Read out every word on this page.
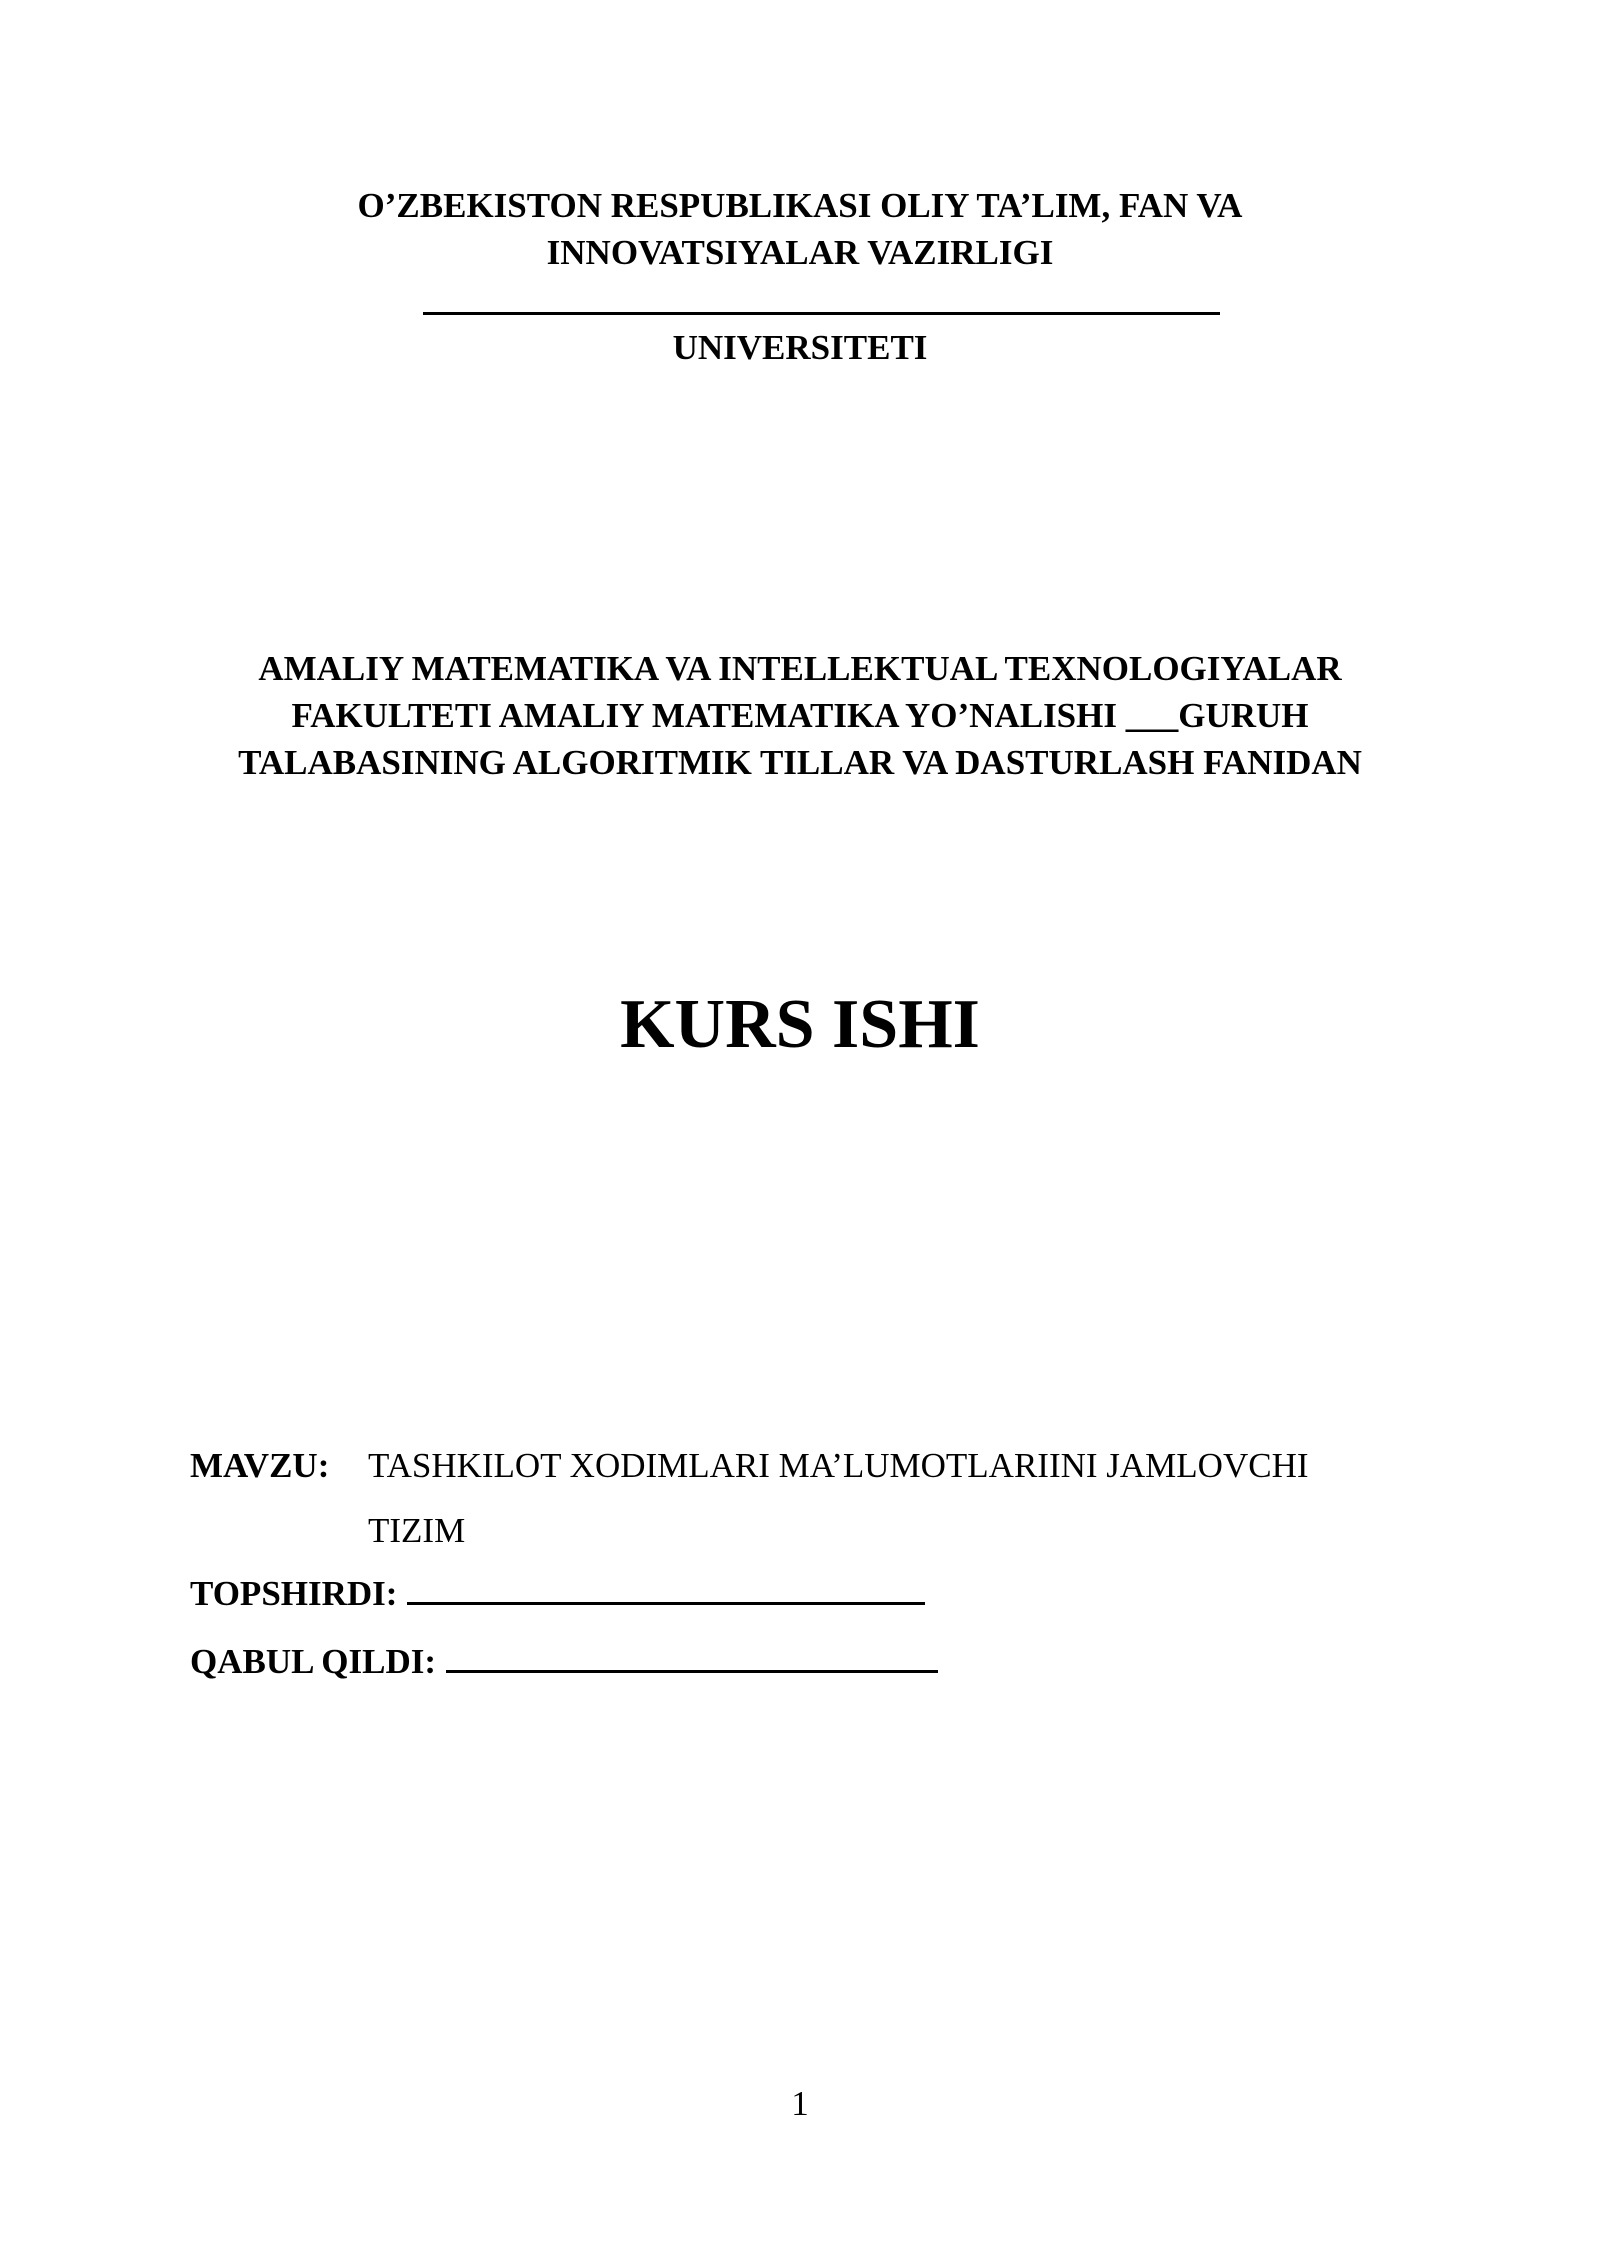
O’ZBEKISTON RESPUBLIKASI OLIY TA’LIM, FAN VA
INNOVATSIYALAR VAZIRLIGI
UNIVERSITETI
AMALIY MATEMATIKA VA INTELLEKTUAL TEXNOLOGIYALAR
FAKULTETI AMALIY MATEMATIKA YO’NALISHI ___GURUH
TALABASINING ALGORITMIK TILLAR VA DASTURLASH FANIDAN
KURS ISHI
MAVZU: TASHKILOT XODIMLARI MA’LUMOTLARIINI JAMLOVCHI
TIZIM
TOPSHIRDI:
QABUL QILDI:
1
